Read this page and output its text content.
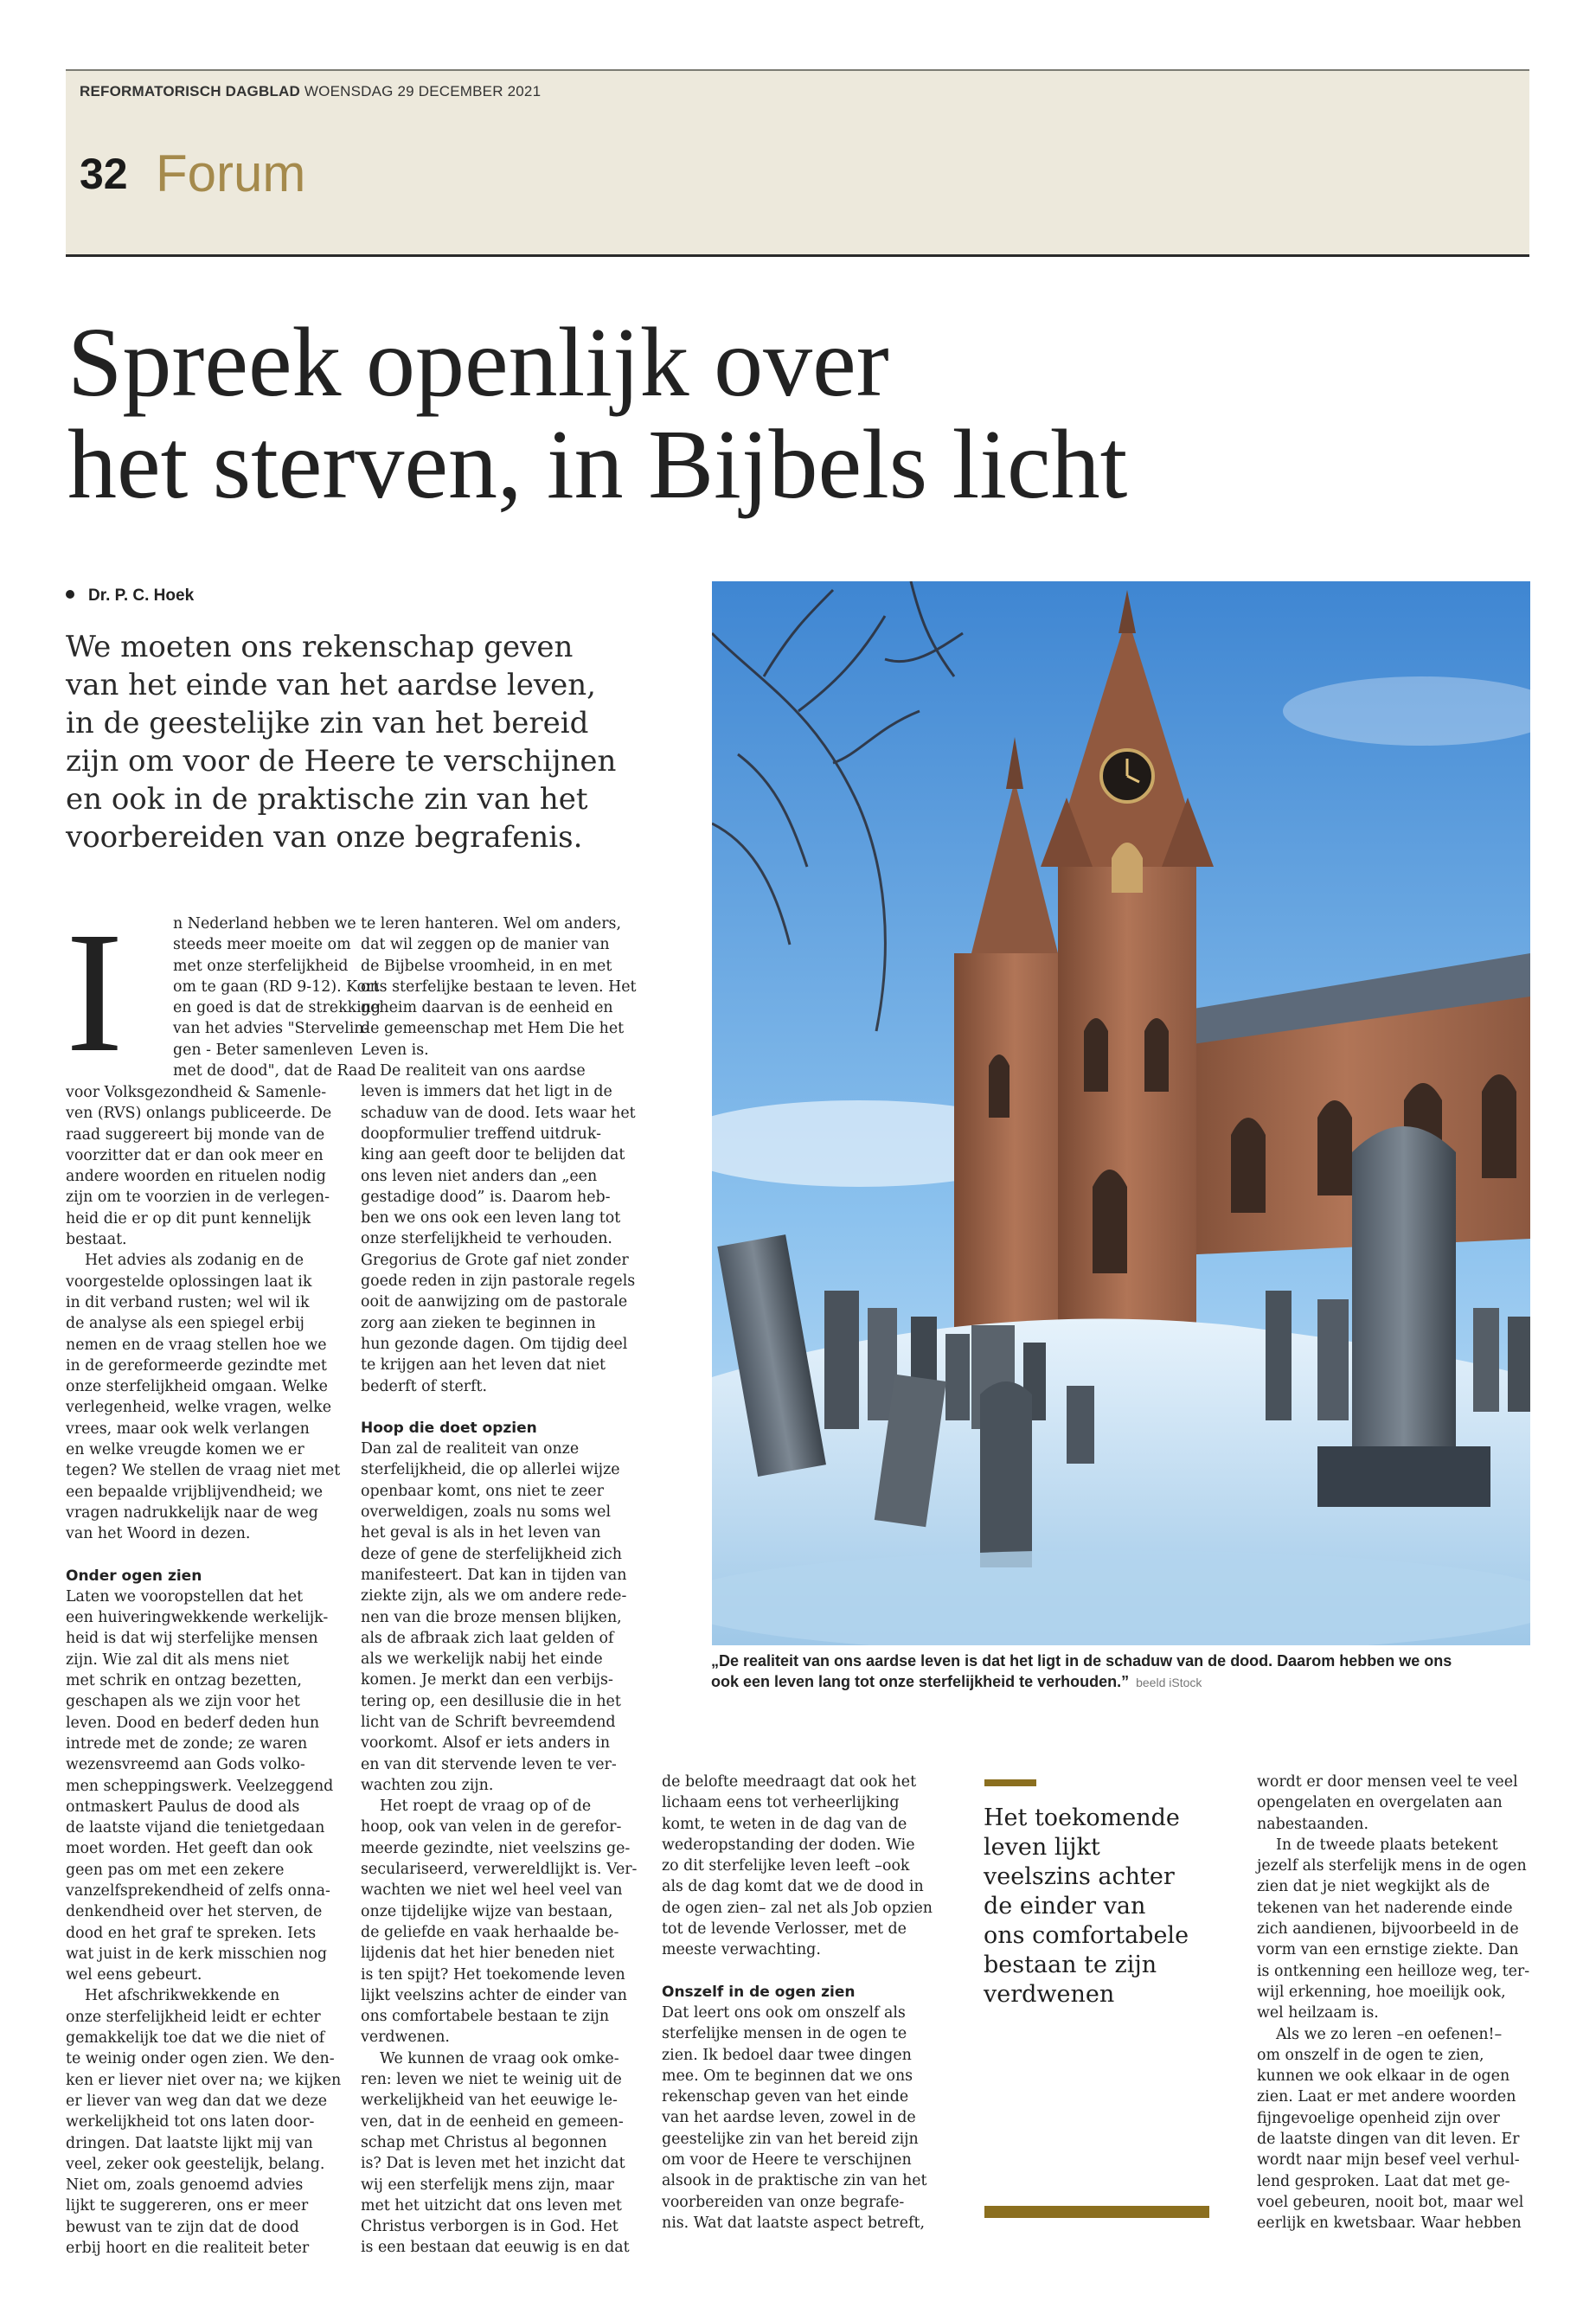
REFORMATORISCH DAGBLAD WOENSDAG 29 DECEMBER 2021
32 Forum
Spreek openlijk over
het sterven, in Bijbels licht
Dr. P. C. Hoek
We moeten ons rekenschap geven
van het einde van het aardse leven,
in de geestelijke zin van het bereid
zijn om voor de Heere te verschijnen
en ook in de praktische zin van het
voorbereiden van onze begrafenis.
„De realiteit van ons aardse leven is dat het ligt in de schaduw van de dood. Daarom hebben we ons
ook een leven lang tot onze sterfelijkheid te verhouden.” beeld iStock
I	n Nederland hebben we
steeds meer moeite om
met onze sterfelijkheid
om te gaan (RD 9-12). Kort
en goed is dat de strekking
van het advies "Stervelin-
gen - Beter samenleven
met de dood", dat de Raad
voor Volksgezondheid & Samenle-
ven (RVS) onlangs publiceerde. De
raad suggereert bij monde van de
voorzitter dat er dan ook meer en
andere woorden en rituelen nodig
zijn om te voorzien in de verlegen-
heid die er op dit punt kennelijk
bestaat.
Het advies als zodanig en de
voorgestelde oplossingen laat ik
in dit verband rusten; wel wil ik
de analyse als een spiegel erbij
nemen en de vraag stellen hoe we
in de gereformeerde gezindte met
onze sterfelijkheid omgaan. Welke
verlegenheid, welke vragen, welke
vrees, maar ook welk verlangen
en welke vreugde komen we er
tegen? We stellen de vraag niet met
een bepaalde vrijblijvendheid; we
vragen nadrukkelijk naar de weg
van het Woord in dezen.
Onder ogen zien
Laten we vooropstellen dat het
een huiveringwekkende werkelijk-
heid is dat wij sterfelijke mensen
zijn. Wie zal dit als mens niet
met schrik en ontzag bezetten,
geschapen als we zijn voor het
leven. Dood en bederf deden hun
intrede met de zonde; ze waren
wezensvreemd aan Gods volko-
men scheppingswerk. Veelzeggend
ontmaskert Paulus de dood als
de laatste vijand die tenietgedaan
moet worden. Het geeft dan ook
geen pas om met een zekere
vanzelfsprekendheid of zelfs onna-
denkendheid over het sterven, de
dood en het graf te spreken. Iets
wat juist in de kerk misschien nog
wel eens gebeurt.
Het afschrikwekkende en
onze sterfelijkheid leidt er echter
gemakkelijk toe dat we die niet of
te weinig onder ogen zien. We den-
ken er liever niet over na; we kijken
er liever van weg dan dat we deze
werkelijkheid tot ons laten door-
dringen. Dat laatste lijkt mij van
veel, zeker ook geestelijk, belang.
Niet om, zoals genoemd advies
lijkt te suggereren, ons er meer
bewust van te zijn dat de dood
erbij hoort en die realiteit beter
te leren hanteren. Wel om anders,
dat wil zeggen op de manier van
de Bijbelse vroomheid, in en met
ons sterfelijke bestaan te leven. Het
geheim daarvan is de eenheid en
de gemeenschap met Hem Die het
Leven is.
De realiteit van ons aardse
leven is immers dat het ligt in de
schaduw van de dood. Iets waar het
doopformulier treffend uitdruk-
king aan geeft door te belijden dat
ons leven niet anders dan „een
gestadige dood” is. Daarom heb-
ben we ons ook een leven lang tot
onze sterfelijkheid te verhouden.
Gregorius de Grote gaf niet zonder
goede reden in zijn pastorale regels
ooit de aanwijzing om de pastorale
zorg aan zieken te beginnen in
hun gezonde dagen. Om tijdig deel
te krijgen aan het leven dat niet
bederft of sterft.
Hoop die doet opzien
Dan zal de realiteit van onze
sterfelijkheid, die op allerlei wijze
openbaar komt, ons niet te zeer
overweldigen, zoals nu soms wel
het geval is als in het leven van
deze of gene de sterfelijkheid zich
manifesteert. Dat kan in tijden van
ziekte zijn, als we om andere rede-
nen van die broze mensen blijken,
als de afbraak zich laat gelden of
als we werkelijk nabij het einde
komen. Je merkt dan een verbijs-
tering op, een desillusie die in het
licht van de Schrift bevreemdend
voorkomt. Alsof er iets anders in
en van dit stervende leven te ver-
wachten zou zijn.
Het roept de vraag op of de
hoop, ook van velen in de gerefor-
meerde gezindte, niet veelszins ge-
seculariseerd, verwereldlijkt is. Ver-
wachten we niet wel heel veel van
onze tijdelijke wijze van bestaan,
de geliefde en vaak herhaalde be-
lijdenis dat het hier beneden niet
is ten spijt? Het toekomende leven
lijkt veelszins achter de einder van
ons comfortabele bestaan te zijn
verdwenen.
We kunnen de vraag ook omke-
ren: leven we niet te weinig uit de
werkelijkheid van het eeuwige le-
ven, dat in de eenheid en gemeen-
schap met Christus al begonnen
is? Dat is leven met het inzicht dat
wij een sterfelijk mens zijn, maar
met het uitzicht dat ons leven met
Christus verborgen is in God. Het
is een bestaan dat eeuwig is en dat
de belofte meedraagt dat ook het
lichaam eens tot verheerlijking
komt, te weten in de dag van de
wederopstanding der doden. Wie
zo dit sterfelijke leven leeft –ook
als de dag komt dat we de dood in
de ogen zien– zal net als Job opzien
tot de levende Verlosser, met de
meeste verwachting.
Onszelf in de ogen zien
Dat leert ons ook om onszelf als
sterfelijke mensen in de ogen te
zien. Ik bedoel daar twee dingen
mee. Om te beginnen dat we ons
rekenschap geven van het einde
van het aardse leven, zowel in de
geestelijke zin van het bereid zijn
om voor de Heere te verschijnen
alsook in de praktische zin van het
voorbereiden van onze begrafe-
nis. Wat dat laatste aspect betreft,
Het toekomende
leven lijkt
veelszins achter
de einder van
ons comfortabele
bestaan te zijn
verdwenen
wordt er door mensen veel te veel
opengelaten en overgelaten aan
nabestaanden.
In de tweede plaats betekent
jezelf als sterfelijk mens in de ogen
zien dat je niet wegkijkt als de
tekenen van het naderende einde
zich aandienen, bijvoorbeeld in de
vorm van een ernstige ziekte. Dan
is ontkenning een heilloze weg, ter-
wijl erkenning, hoe moeilijk ook,
wel heilzaam is.
Als we zo leren –en oefenen!–
om onszelf in de ogen te zien,
kunnen we ook elkaar in de ogen
zien. Laat er met andere woorden
fijngevoelige openheid zijn over
de laatste dingen van dit leven. Er
wordt naar mijn besef veel verhul-
lend gesproken. Laat dat met ge-
voel gebeuren, nooit bot, maar wel
eerlijk en kwetsbaar. Waar hebben
